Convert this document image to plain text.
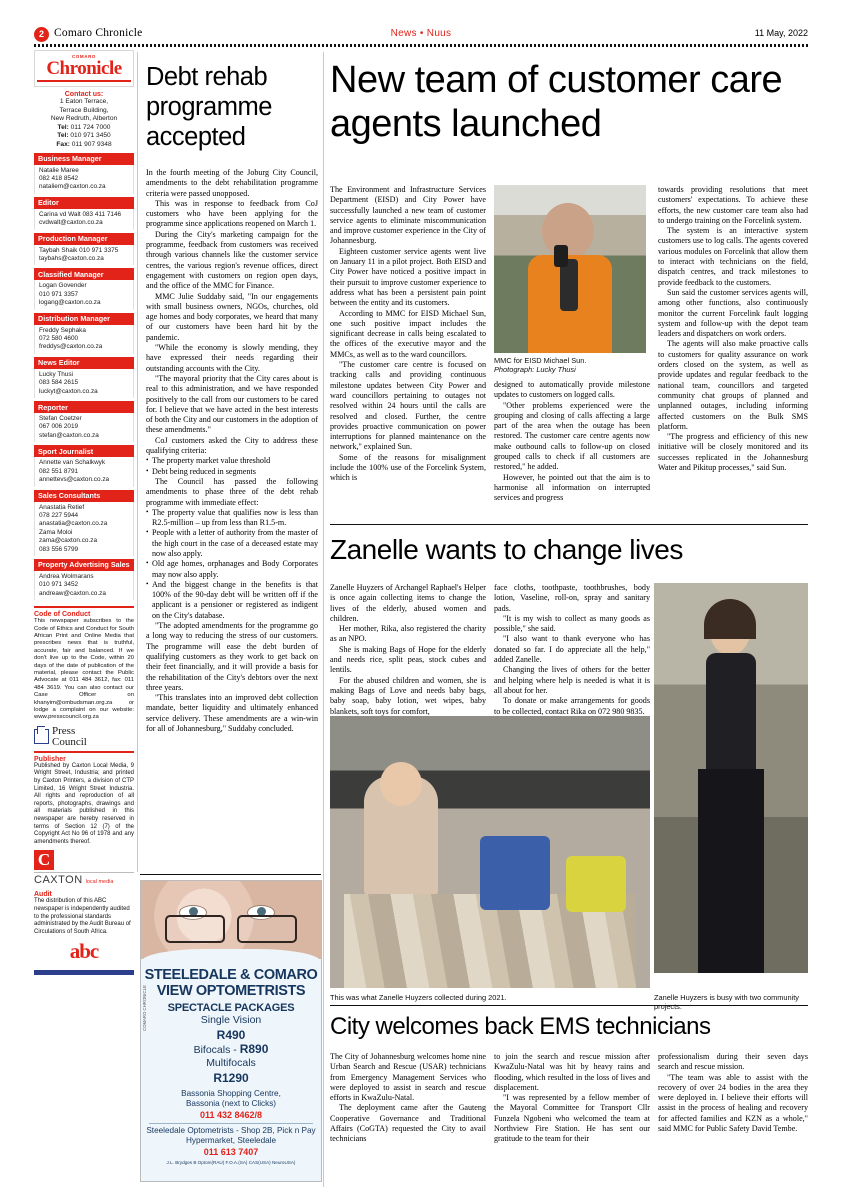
2 Comaro Chronicle	News • Nuus	11 May, 2022
COMARO
Chronicle
Contact us:
1 Eaton Terrace,
Terrace Building,
New Redruth, Alberton
Tel: 011 724 7000
Tel: 010 971 3450
Fax: 011 907 9348
Business Manager
Natalie Maree
082 418 8542
nataliem@caxton.co.za
Editor
Carina vd Walt 083 411 7146
cvdwalt@caxton.co.za
Production Manager
Taybah Shaik 010 971 3375
taybahs@caxton.co.za
Classified Manager
Logan Govender
010 971 3357
logang@caxton.co.za
Distribution Manager
Freddy Sephaka
072 580 4600
freddys@caxton.co.za
News Editor
Lucky Thusi
083 584 2615
luckyt@caxton.co.za
Reporter
Stefan Coetzer
067 006 2019
stefan@caxton.co.za
Sport Journalist
Annette van Schalkwyk
082 551 8791
annettevs@caxton.co.za
Sales Consultants
Anastatia Retief
078 227 5944
anastatia@caxton.co.za
Zama Moloi
zama@caxton.co.za
083 556 5799
Property Advertising Sales
Andrea Wolmarans
010 971 3452
andreaw@caxton.co.za
Code of Conduct
This newspaper subscribes to the Code of Ethics and Conduct for South African Print and Online Media that prescribes news that is truthful, accurate, fair and balanced. If we don't live up to the Code, within 20 days of the date of publication of the material, please contact the Public Advocate at 011 484 3612, fax: 011 484 3619. You can also contact our Case Officer on khanyim@ombudsman.org.za or lodge a complaint on our website: www.presscouncil.org.za
Press
Council
Publisher
Published by Caxton Local Media, 9 Wright Street, Industria; and printed by Caxton Printers, a division of CTP Limited, 16 Wright Street Industria. All rights and reproduction of all reports, photographs, drawings and all materials published in this newspaper are hereby reserved in terms of Section 12 (7) of the Copyright Act No 96 of 1978 and any amendments thereof.
C
CAXTON local media
Audit
The distribution of this ABC newspaper is independently audited to the professional standards administrated by the Audit Bureau of Circulations of South Africa.
abc
Debt rehab programme accepted

In the fourth meeting of the Joburg City Council, amendments to the debt rehabilitation programme criteria were passed unopposed.

This was in response to feedback from CoJ customers who have been applying for the programme since applications reopened on March 1.

During the City's marketing campaign for the programme, feedback from customers was received through various channels like the customer service centres, the various region's revenue offices, direct engagement with customers on region open days, and the office of the MMC for Finance.

MMC Julie Suddaby said, "In our engagements with small business owners, NGOs, churches, old age homes and body corporates, we heard that many of our customers have been hard hit by the pandemic.

"While the economy is slowly mending, they have expressed their needs regarding their outstanding accounts with the City.

"The mayoral priority that the City cares about is real to this administration, and we have responded positively to the call from our customers to be cared for. I believe that we have acted in the best interests of both the City and our customers in the adoption of these amendments."

CoJ customers asked the City to address these qualifying criteria:

• The property market value threshold

• Debt being reduced in segments

The Council has passed the following amendments to phase three of the debt rehab programme with immediate effect:

• The property value that qualifies now is less than R2.5-million – up from less than R1.5-m.

• People with a letter of authority from the master of the high court in the case of a deceased estate may now also apply.

• Old age homes, orphanages and Body Corporates may now also apply.

• And the biggest change in the benefits is that 100% of the 90-day debt will be written off if the applicant is a pensioner or registered as indigent on the City's database.

"The adopted amendments for the programme go a long way to reducing the stress of our customers. The programme will ease the debt burden of qualifying customers as they work to get back on their feet financially, and it will provide a basis for the rehabilitation of the City's debtors over the next three years.

"This translates into an improved debt collection mandate, better liquidity and ultimately enhanced service delivery. These amendments are a win-win for all of Johannesburg," Suddaby concluded.

New team of customer care agents launched
MMC for EISD Michael Sun.
Photograph: Lucky Thusi

The Environment and Infrastructure Services Department (EISD) and City Power have successfully launched a new team of customer service agents to eliminate miscommunication and improve customer experience in the City of Johannesburg.

Eighteen customer service agents went live on January 11 in a pilot project. Both EISD and City Power have noticed a positive impact in their pursuit to improve customer experience to address what has been a persistent pain point between the entity and its customers.

According to MMC for EISD Michael Sun, one such positive impact includes the significant decrease in calls being escalated to the offices of the executive mayor and the MMCs, as well as to the ward councillors.

"The customer care centre is focused on tracking calls and providing continuous milestone updates between City Power and ward councillors pertaining to outages not resolved within 24 hours until the calls are resolved and closed. Further, the centre provides proactive communication on power interruptions for planned maintenance on the network," explained Sun.

Some of the reasons for misalignment include the 100% use of the Forcelink System, which is

designed to automatically provide milestone updates to customers on logged calls.

"Other problems experienced were the grouping and closing of calls affecting a large part of the area when the outage has been restored. The customer care centre agents now make outbound calls to follow-up on closed grouped calls to check if all customers are restored," he added.

However, he pointed out that the aim is to harmonise all information on interrupted services and progress

towards providing resolutions that meet customers' expectations. To achieve these efforts, the new customer care team also had to undergo training on the Forcelink system.

The system is an interactive system customers use to log calls. The agents covered various modules on Forcelink that allow them to interact with technicians on the field, dispatch centres, and track milestones to provide feedback to the customers.

Sun said the customer services agents will, among other functions, also continuously monitor the current Forcelink fault logging system and follow-up with the depot team leaders and dispatchers on work orders.

The agents will also make proactive calls to customers for quality assurance on work orders closed on the system, as well as provide updates and regular feedback to the national team, councillors and targeted community chat groups of planned and unplanned outages, including informing affected customers on the Bulk SMS platform.

"The progress and efficiency of this new initiative will be closely monitored and its successes replicated in the Johannesburg Water and Pikitup processes," said Sun.

Zanelle wants to change lives

Zanelle Huyzers of Archangel Raphael's Helper is once again collecting items to change the lives of the elderly, abused women and children.

Her mother, Rika, also registered the charity as an NPO.

She is making Bags of Hope for the elderly and needs rice, split peas, stock cubes and lentils.

For the abused children and women, she is making Bags of Love and needs baby bags, baby soap, baby lotion, wet wipes, baby blankets, soft toys for comfort,

face cloths, toothpaste, toothbrushes, body lotion, Vaseline, roll-on, spray and sanitary pads.

"It is my wish to collect as many goods as possible," she said.

"I also want to thank everyone who has donated so far. I do appreciate all the help," added Zanelle.

Changing the lives of others for the better and helping where help is needed is what it is all about for her.

To donate or make arrangements for goods to be collected, contact Rika on 072 980 9835.

This was what Zanelle Huyzers collected during 2021.	Zanelle Huyzers is busy with two community projects.
City welcomes back EMS technicians

The City of Johannesburg welcomes home nine Urban Search and Rescue (USAR) technicians from Emergency Management Services who were deployed to assist in search and rescue efforts in KwaZulu-Natal.

The deployment came after the Gauteng Cooperative Governance and Traditional Affairs (CoGTA) requested the City to avail technicians

to join the search and rescue mission after KwaZulu-Natal was hit by heavy rains and flooding, which resulted in the loss of lives and displacement.

"I was represented by a fellow member of the Mayoral Committee for Transport Cllr Funzela Ngobeni who welcomed the team at Northview Fire Station. He has sent our gratitude to the team for their

professionalism during their seven days search and rescue mission.

"The team was able to assist with the recovery of over 24 bodies in the area they were deployed in. I believe their efforts will assist in the process of healing and recovery for affected families and KZN as a whole," said MMC for Public Safety David Tembe.

STEELEDALE & COMARO
VIEW OPTOMETRISTS
SPECTACLE PACKAGES
Single Vision
R490
Bifocals - R890
Multifocals
R1290
Bassonia Shopping Centre,
Bassonia (next to Clicks)
011 432 8462/8
Steeledale Optometrists - Shop 2B, Pick n Pay
Hypermarket, Steeledale
011 613 7407
J.L. Brydges B Optom(RAU) F.O.A.(SA) CAS(USA) NeuroUSA)
COMARO CHRONICLE
